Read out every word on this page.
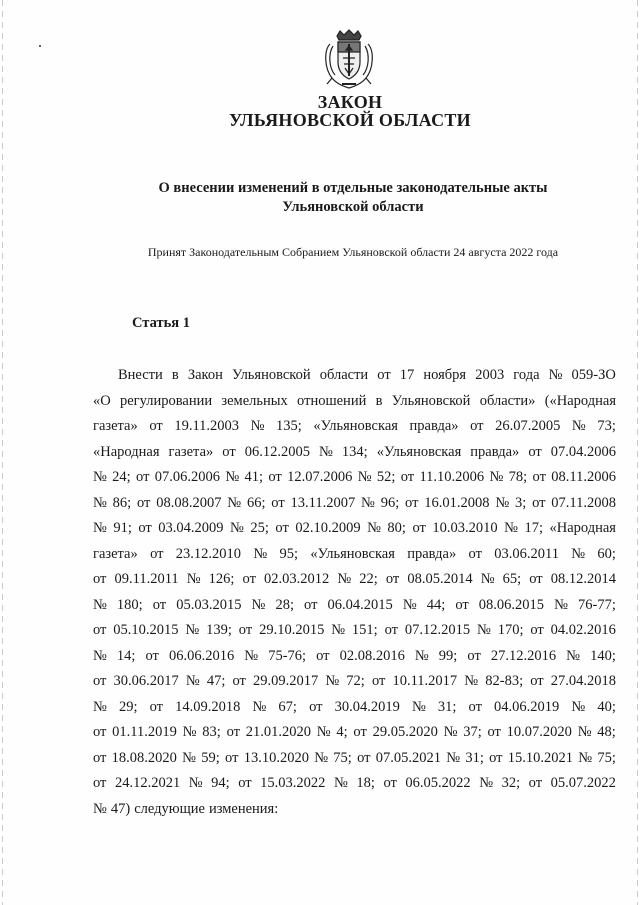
ЗАКОН
УЛЬЯНОВСКОЙ ОБЛАСТИ
О внесении изменений в отдельные законодательные акты
Ульяновской области
Принят Законодательным Собранием Ульяновской области 24 августа 2022 года
Статья 1
Внести в Закон Ульяновской области от 17 ноября 2003 года № 059-ЗО
«О регулировании земельных отношений в Ульяновской области» («Народная
газета» от 19.11.2003 № 135; «Ульяновская правда» от 26.07.2005 № 73;
«Народная газета» от 06.12.2005 № 134; «Ульяновская правда» от 07.04.2006
№ 24; от 07.06.2006 № 41; от 12.07.2006 № 52; от 11.10.2006 № 78; от 08.11.2006
№ 86; от 08.08.2007 № 66; от 13.11.2007 № 96; от 16.01.2008 № 3; от 07.11.2008
№ 91; от 03.04.2009 № 25; от 02.10.2009 № 80; от 10.03.2010 № 17; «Народная
газета» от 23.12.2010 № 95; «Ульяновская правда» от 03.06.2011 № 60;
от 09.11.2011 № 126; от 02.03.2012 № 22; от 08.05.2014 № 65; от 08.12.2014
№ 180; от 05.03.2015 № 28; от 06.04.2015 № 44; от 08.06.2015 № 76-77;
от 05.10.2015 № 139; от 29.10.2015 № 151; от 07.12.2015 № 170; от 04.02.2016
№ 14; от 06.06.2016 № 75-76; от 02.08.2016 № 99; от 27.12.2016 № 140;
от 30.06.2017 № 47; от 29.09.2017 № 72; от 10.11.2017 № 82-83; от 27.04.2018
№ 29; от 14.09.2018 № 67; от 30.04.2019 № 31; от 04.06.2019 № 40;
от 01.11.2019 № 83; от 21.01.2020 № 4; от 29.05.2020 № 37; от 10.07.2020 № 48;
от 18.08.2020 № 59; от 13.10.2020 № 75; от 07.05.2021 № 31; от 15.10.2021 № 75;
от 24.12.2021 № 94; от 15.03.2022 № 18; от 06.05.2022 № 32; от 05.07.2022
№ 47) следующие изменения:
